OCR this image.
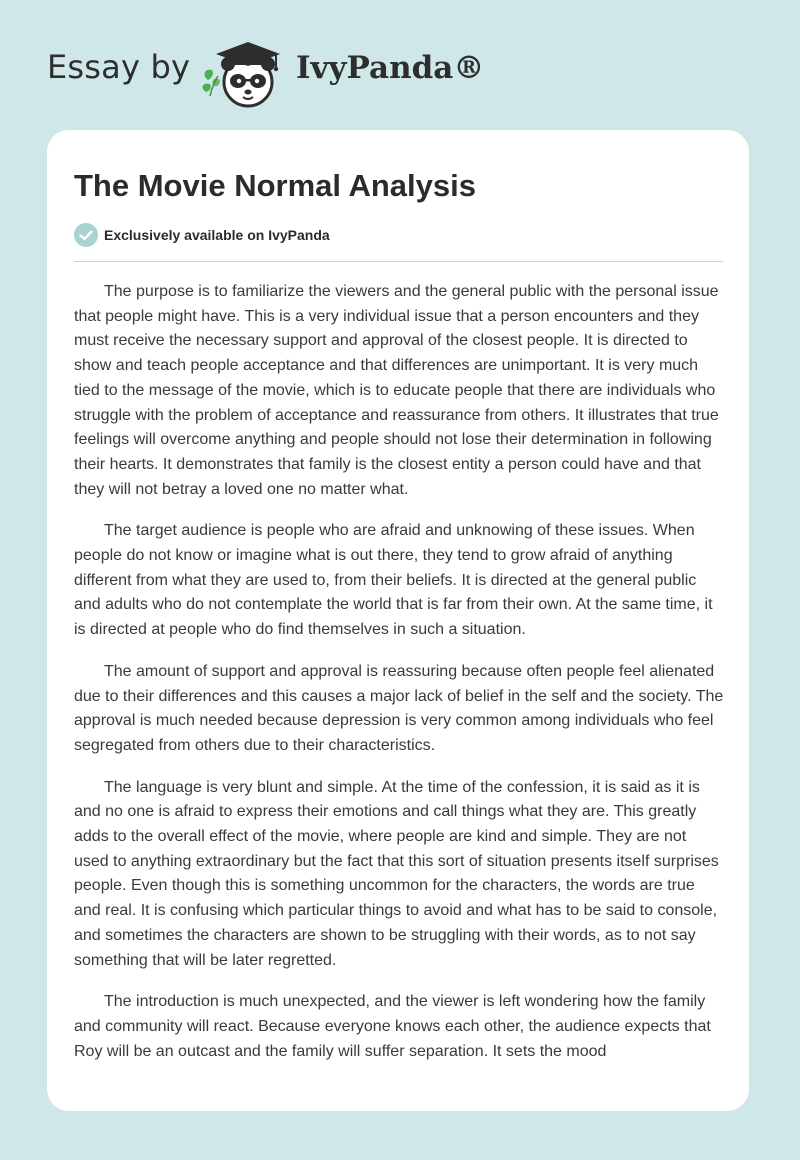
Essay by	IvyPanda®
The Movie Normal Analysis
Exclusively available on IvyPanda

The purpose is to familiarize the viewers and the general public with the personal issue that people might have. This is a very individual issue that a person encounters and they must receive the necessary support and approval of the closest people. It is directed to show and teach people acceptance and that differences are unimportant. It is very much tied to the message of the movie, which is to educate people that there are individuals who struggle with the problem of acceptance and reassurance from others. It illustrates that true feelings will overcome anything and people should not lose their determination in following their hearts. It demonstrates that family is the closest entity a person could have and that they will not betray a loved one no matter what.

The target audience is people who are afraid and unknowing of these issues. When people do not know or imagine what is out there, they tend to grow afraid of anything different from what they are used to, from their beliefs. It is directed at the general public and adults who do not contemplate the world that is far from their own. At the same time, it is directed at people who do find themselves in such a situation.

The amount of support and approval is reassuring because often people feel alienated due to their differences and this causes a major lack of belief in the self and the society. The approval is much needed because depression is very common among individuals who feel segregated from others due to their characteristics.

The language is very blunt and simple. At the time of the confession, it is said as it is and no one is afraid to express their emotions and call things what they are. This greatly adds to the overall effect of the movie, where people are kind and simple. They are not used to anything extraordinary but the fact that this sort of situation presents itself surprises people. Even though this is something uncommon for the characters, the words are true and real. It is confusing which particular things to avoid and what has to be said to console, and sometimes the characters are shown to be struggling with their words, as to not say something that will be later regretted.

The introduction is much unexpected, and the viewer is left wondering how the family and community will react. Because everyone knows each other, the audience expects that Roy will be an outcast and the family will suffer separation. It sets the mood
